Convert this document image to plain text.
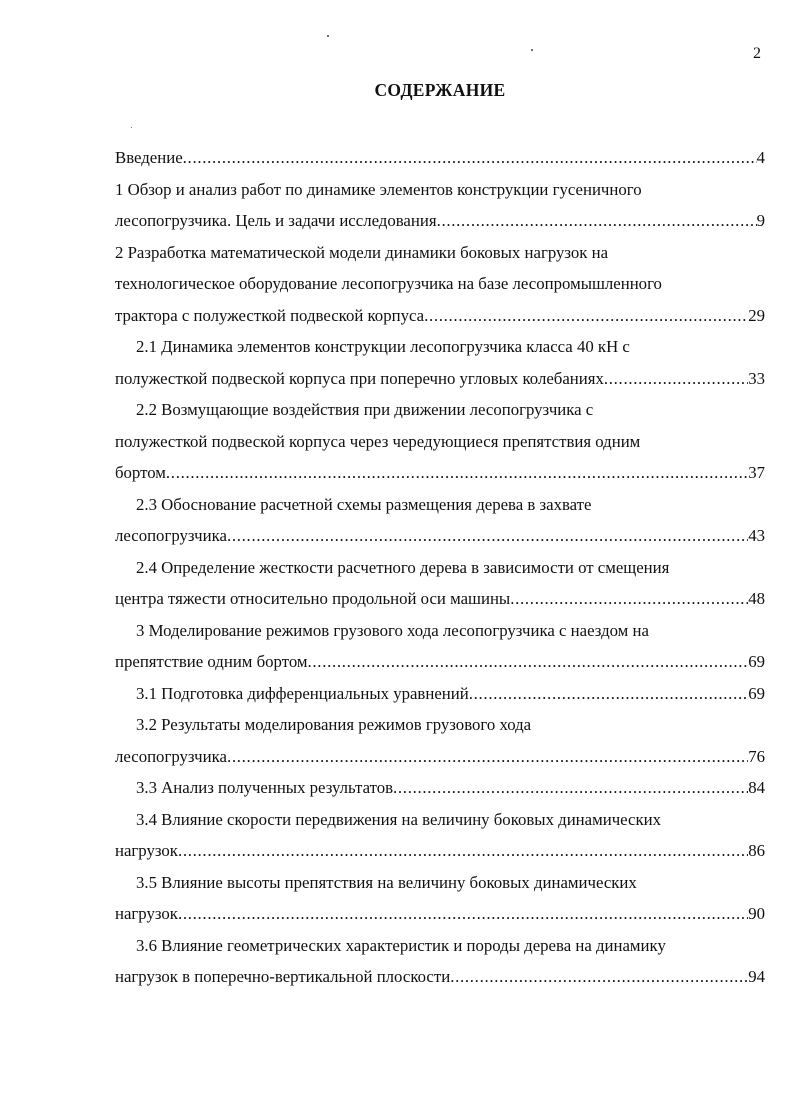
2
СОДЕРЖАНИЕ
Введение .....	4
1 Обзор и анализ работ по динамике элементов конструкции гусеничного
лесопогрузчика. Цель и задачи исследования .....	9
2 Разработка математической модели динамики боковых нагрузок на
технологическое оборудование лесопогрузчика на базе лесопромышленного
трактора с полужесткой подвеской корпуса .....	29
2.1 Динамика элементов конструкции лесопогрузчика класса 40 кН с
полужесткой подвеской корпуса при поперечно угловых колебаниях .....	33
2.2 Возмущающие воздействия при движении лесопогрузчика с
полужесткой подвеской корпуса через чередующиеся препятствия одним
бортом .....	37
2.3 Обоснование расчетной схемы размещения дерева в захвате
лесопогрузчика .....	43
2.4 Определение жесткости расчетного дерева в зависимости от смещения
центра тяжести относительно продольной оси машины .....	48
3 Моделирование режимов грузового хода лесопогрузчика с наездом на
препятствие одним бортом .....	69
3.1 Подготовка дифференциальных уравнений .....	69
3.2 Результаты моделирования режимов грузового хода
лесопогрузчика .....	76
3.3 Анализ полученных результатов .....	84
3.4 Влияние скорости передвижения на величину боковых динамических
нагрузок .....	86
3.5 Влияние высоты препятствия на величину боковых динамических
нагрузок .....	90
3.6 Влияние геометрических характеристик и породы дерева на динамику
нагрузок в поперечно-вертикальной плоскости .....	94
